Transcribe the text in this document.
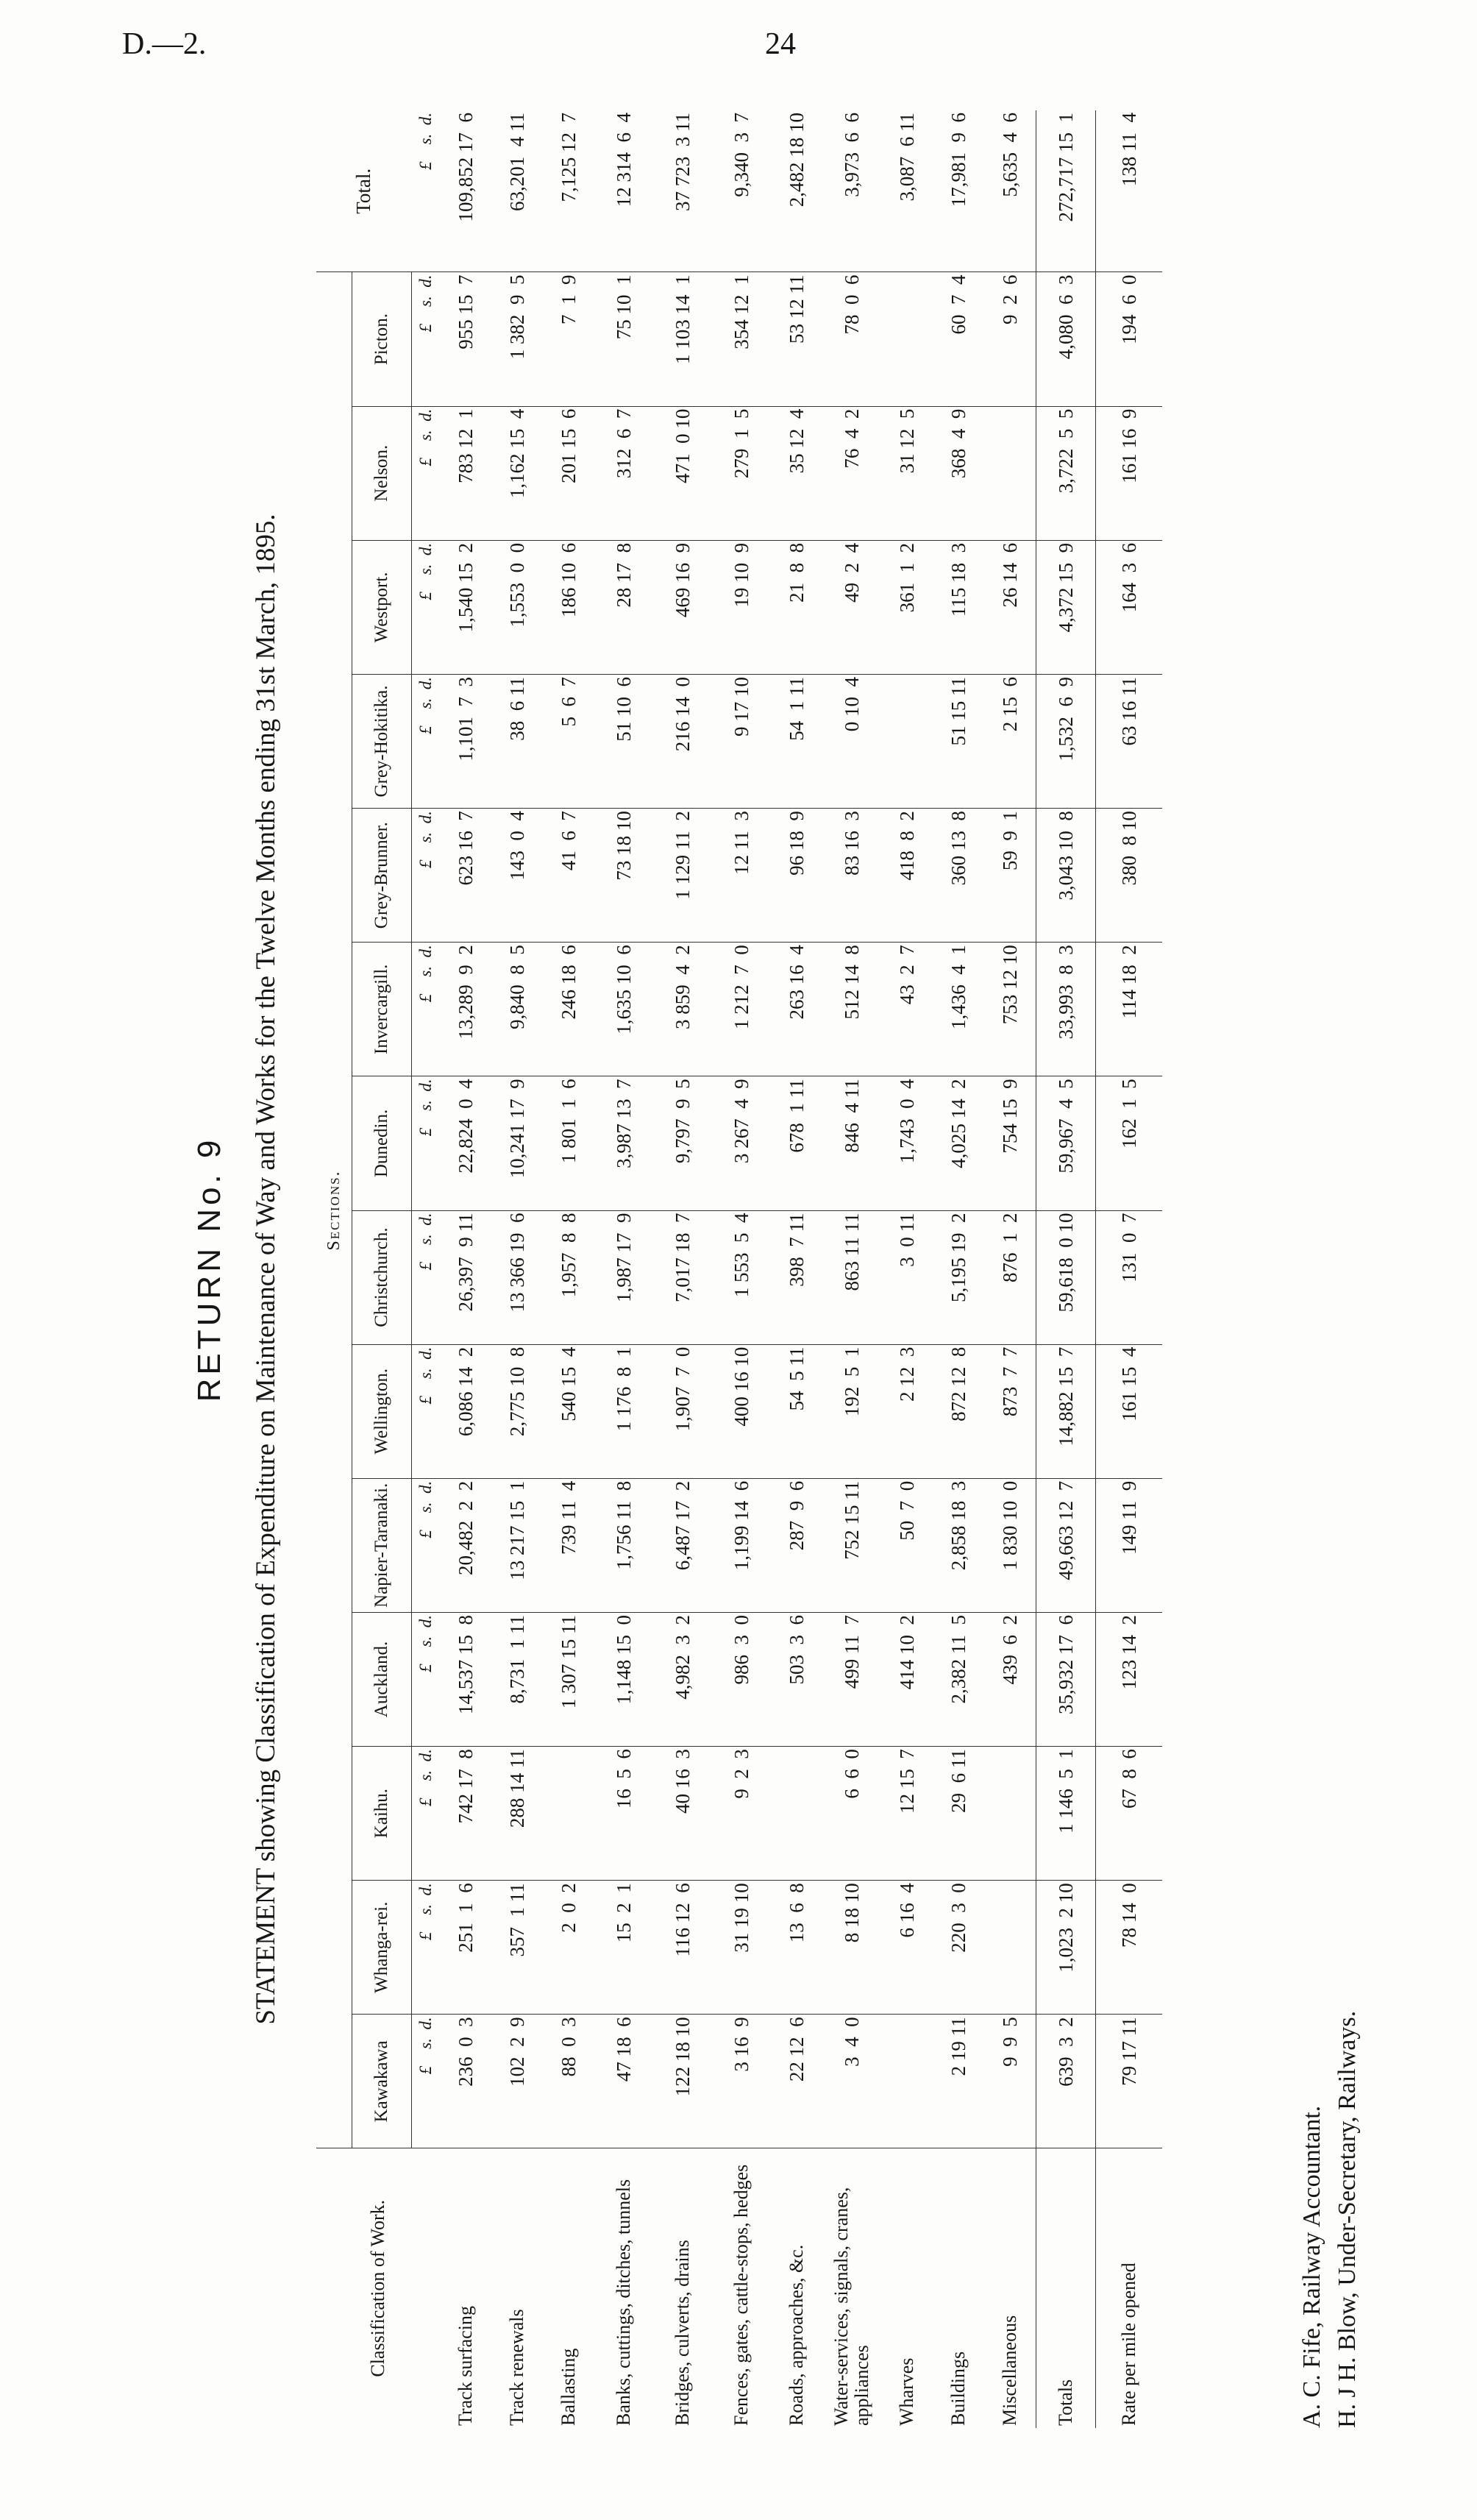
D.—2.	24
RETURN No. 9 STATEMENT showing Classification of Expenditure on Maintenance of Way and Works for the Twelve Months ending 31st March, 1895.
Classification of Work.	Sections.														Total.
	Kawakawa	Whanga-rei.	Kaihu.	Auckland.	Napier-Taranaki.	Wellington.	Christchurch.	Dunedin.	Invercargill.	Grey-Brunner.	Grey-Hokitika.	Westport.	Nelson.	Picton.	
	£    s.  d.	£    s.  d.	£    s.  d.	£    s.  d.	£    s.  d.	£    s.  d.	£    s.  d.	£    s.  d.	£    s.  d.	£    s.  d.	£    s.  d.	£    s.  d.	£    s.  d.	£    s.  d.	£    s.  d.
Track surfacing	236  0  3	251  1  6	742 17  8	14,537 15  8	20,482  2  2	6,086 14  2	26,397  9 11	22,824  0  4	13,289  9  2	623 16  7	1,101  7  3	1,540 15  2	783 12  1	955 15  7	109,852 17  6
Track renewals	102  2  9	357  1 11	288 14 11	8,731  1 11	13 217 15  1	2,775 10  8	13 366 19  6	10,241 17  9	9,840  8  5	143  0  4	38  6 11	1,553  0  0	1,162 15  4	1 382  9  5	63,201  4 11
Ballasting	88  0  3	2  0  2		1 307 15 11	739 11  4	540 15  4	1,957  8  8	1 801  1  6	246 18  6	41  6  7	5  6  7	186 10  6	201 15  6	7  1  9	7,125 12  7
Banks, cuttings, ditches, tunnels	47 18  6	15  2  1	16  5  6	1,148 15  0	1,756 11  8	1 176  8  1	1,987 17  9	3,987 13  7	1,635 10  6	73 18 10	51 10  6	28 17  8	312  6  7	75 10  1	12 314  6  4
Bridges, culverts, drains	122 18 10	116 12  6	40 16  3	4,982  3  2	6,487 17  2	1,907  7  0	7,017 18  7	9,797  9  5	3 859  4  2	1 129 11  2	216 14  0	469 16  9	471  0 10	1 103 14  1	37 723  3 11
Fences, gates, cattle-stops, hedges	3 16  9	31 19 10	9  2  3	986  3  0	1,199 14  6	400 16 10	1 553  5  4	3 267  4  9	1 212  7  0	12 11  3	9 17 10	19 10  9	279  1  5	354 12  1	9,340  3  7
Roads, approaches, &c.	22 12  6	13  6  8		503  3  6	287  9  6	54  5 11	398  7 11	678  1 11	263 16  4	96 18  9	54  1 11	21  8  8	35 12  4	53 12 11	2,482 18 10
Water-services, signals, cranes, appliances	3  4  0	8 18 10	6  6  0	499 11  7	752 15 11	192  5  1	863 11 11	846  4 11	512 14  8	83 16  3	0 10  4	49  2  4	76  4  2	78  0  6	3,973  6  6
Wharves		6 16  4	12 15  7	414 10  2	50  7  0	2 12  3	3  0 11	1,743  0  4	43  2  7	418  8  2		361  1  2	31 12  5		3,087  6 11
Buildings	2 19 11	220  3  0	29  6 11	2,382 11  5	2,858 18  3	872 12  8	5,195 19  2	4,025 14  2	1,436  4  1	360 13  8	51 15 11	115 18  3	368  4  9	60  7  4	17,981  9  6
Miscellaneous	9  9  5			439  6  2	1 830 10  0	873  7  7	876  1  2	754 15  9	753 12 10	59  9  1	2 15  6	26 14  6		9  2  6	5,635  4  6
Totals	639  3  2	1,023  2 10	1 146  5  1	35,932 17  6	49,663 12  7	14,882 15  7	59,618  0 10	59,967  4  5	33,993  8  3	3,043 10  8	1,532  6  9	4,372 15  9	3,722  5  5	4,080  6  3	272,717 15  1
Rate per mile opened	79 17 11	78 14  0	67  8  6	123 14  2	149 11  9	161 15  4	131  0  7	162  1  5	114 18  2	380  8 10	63 16 11	164  3  6	161 16  9	194  6  0	138 11  4
A. C. Fife, Railway Accountant. H. J H. Blow, Under-Secretary, Railways.
